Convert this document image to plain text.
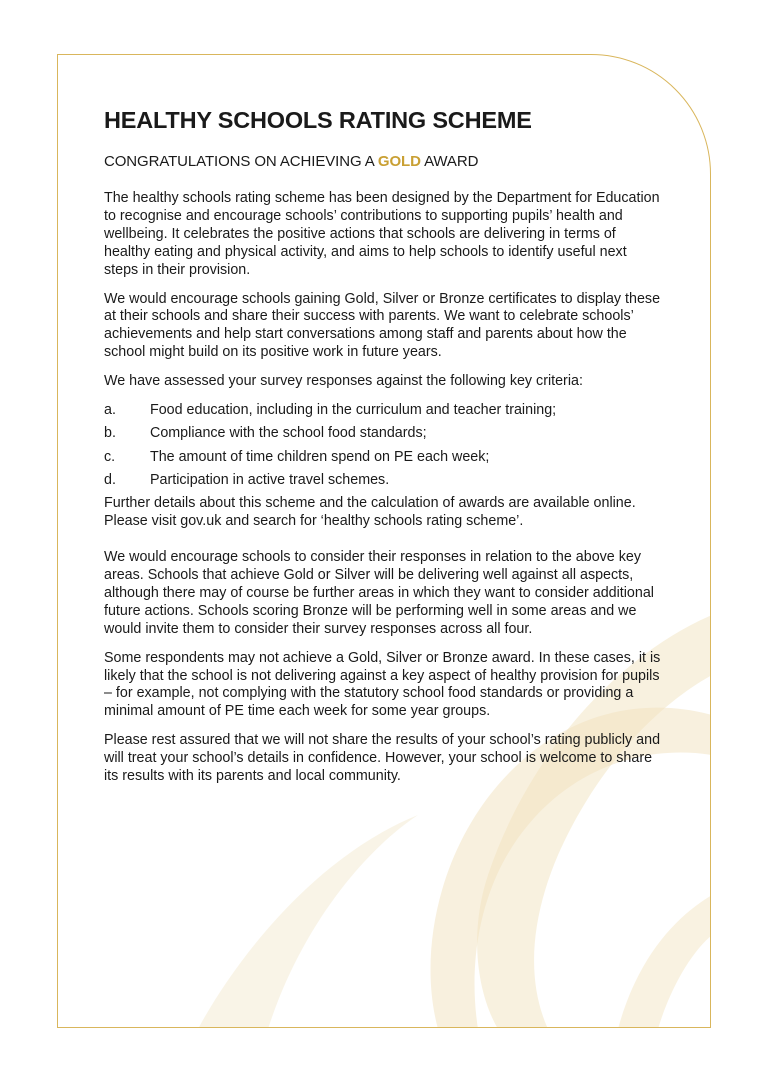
HEALTHY SCHOOLS RATING SCHEME

CONGRATULATIONS ON ACHIEVING A GOLD AWARD

The healthy schools rating scheme has been designed by the Department for Education to recognise and encourage schools’ contributions to supporting pupils’ health and wellbeing. It celebrates the positive actions that schools are delivering in terms of healthy eating and physical activity, and aims to help schools to identify useful next steps in their provision.

We would encourage schools gaining Gold, Silver or Bronze certificates to display these at their schools and share their success with parents. We want to celebrate schools’ achievements and help start conversations among staff and parents about how the school might build on its positive work in future years.

We have assessed your survey responses against the following key criteria:

a.	Food education, including in the curriculum and teacher training;
b.	Compliance with the school food standards;
c.	The amount of time children spend on PE each week;
d.	Participation in active travel schemes.

Further details about this scheme and the calculation of awards are available online. Please visit gov.uk and search for ‘healthy schools rating scheme’.

We would encourage schools to consider their responses in relation to the above key areas. Schools that achieve Gold or Silver will be delivering well against all aspects, although there may of course be further areas in which they want to consider additional future actions. Schools scoring Bronze will be performing well in some areas and we would invite them to consider their survey responses across all four.

Some respondents may not achieve a Gold, Silver or Bronze award. In these cases, it is likely that the school is not delivering against a key aspect of healthy provision for pupils – for example, not complying with the statutory school food standards or providing a minimal amount of PE time each week for some year groups.

Please rest assured that we will not share the results of your school’s rating publicly and will treat your school’s details in confidence. However, your school is welcome to share its results with its parents and local community.
